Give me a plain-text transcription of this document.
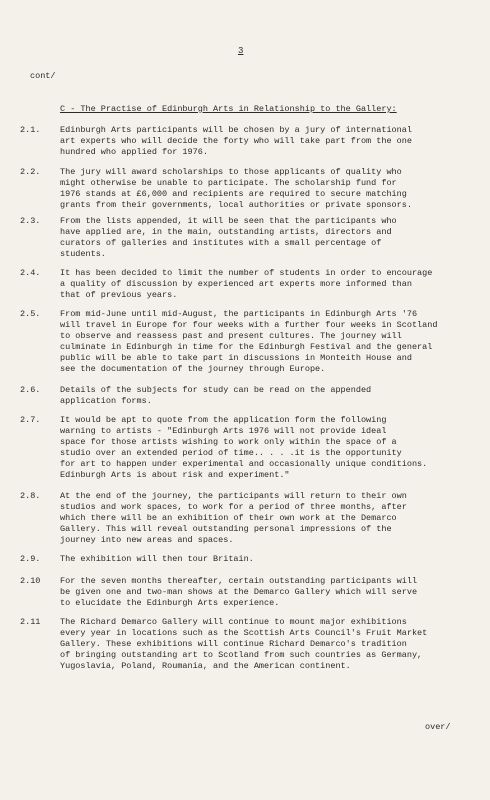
3
cont/
C - The Practise of Edinburgh Arts in Relationship to the Gallery:
2.1. Edinburgh Arts participants will be chosen by a jury of international
art experts who will decide the forty who will take part from the one
hundred who applied for 1976.
2.2. The jury will award scholarships to those applicants of quality who
might otherwise be unable to participate. The scholarship fund for
1976 stands at £6,000 and recipients are required to secure matching
grants from their governments, local authorities or private sponsors.
2.3. From the lists appended, it will be seen that the participants who
have applied are, in the main, outstanding artists, directors and
curators of galleries and institutes with a small percentage of
students.
2.4. It has been decided to limit the number of students in order to encourage
a quality of discussion by experienced art experts more informed than
that of previous years.
2.5. From mid-June until mid-August, the participants in Edinburgh Arts '76
will travel in Europe for four weeks with a further four weeks in Scotland
to observe and reassess past and present cultures. The journey will
culminate in Edinburgh in time for the Edinburgh Festival and the general
public will be able to take part in discussions in Monteith House and
see the documentation of the journey through Europe.
2.6. Details of the subjects for study can be read on the appended
application forms.
2.7. It would be apt to quote from the application form the following
warning to artists - "Edinburgh Arts 1976 will not provide ideal
space for those artists wishing to work only within the space of a
studio over an extended period of time.. . . .it is the opportunity
for art to happen under experimental and occasionally unique conditions.
Edinburgh Arts is about risk and experiment."
2.8. At the end of the journey, the participants will return to their own
studios and work spaces, to work for a period of three months, after
which there will be an exhibition of their own work at the Demarco
Gallery. This will reveal outstanding personal impressions of the
journey into new areas and spaces.
2.9. The exhibition will then tour Britain.
2.10 For the seven months thereafter, certain outstanding participants will
be given one and two-man shows at the Demarco Gallery which will serve
to elucidate the Edinburgh Arts experience.
2.11 The Richard Demarco Gallery will continue to mount major exhibitions
every year in locations such as the Scottish Arts Council's Fruit Market
Gallery. These exhibitions will continue Richard Demarco's tradition
of bringing outstanding art to Scotland from such countries as Germany,
Yugoslavia, Poland, Roumania, and the American continent.
over/
